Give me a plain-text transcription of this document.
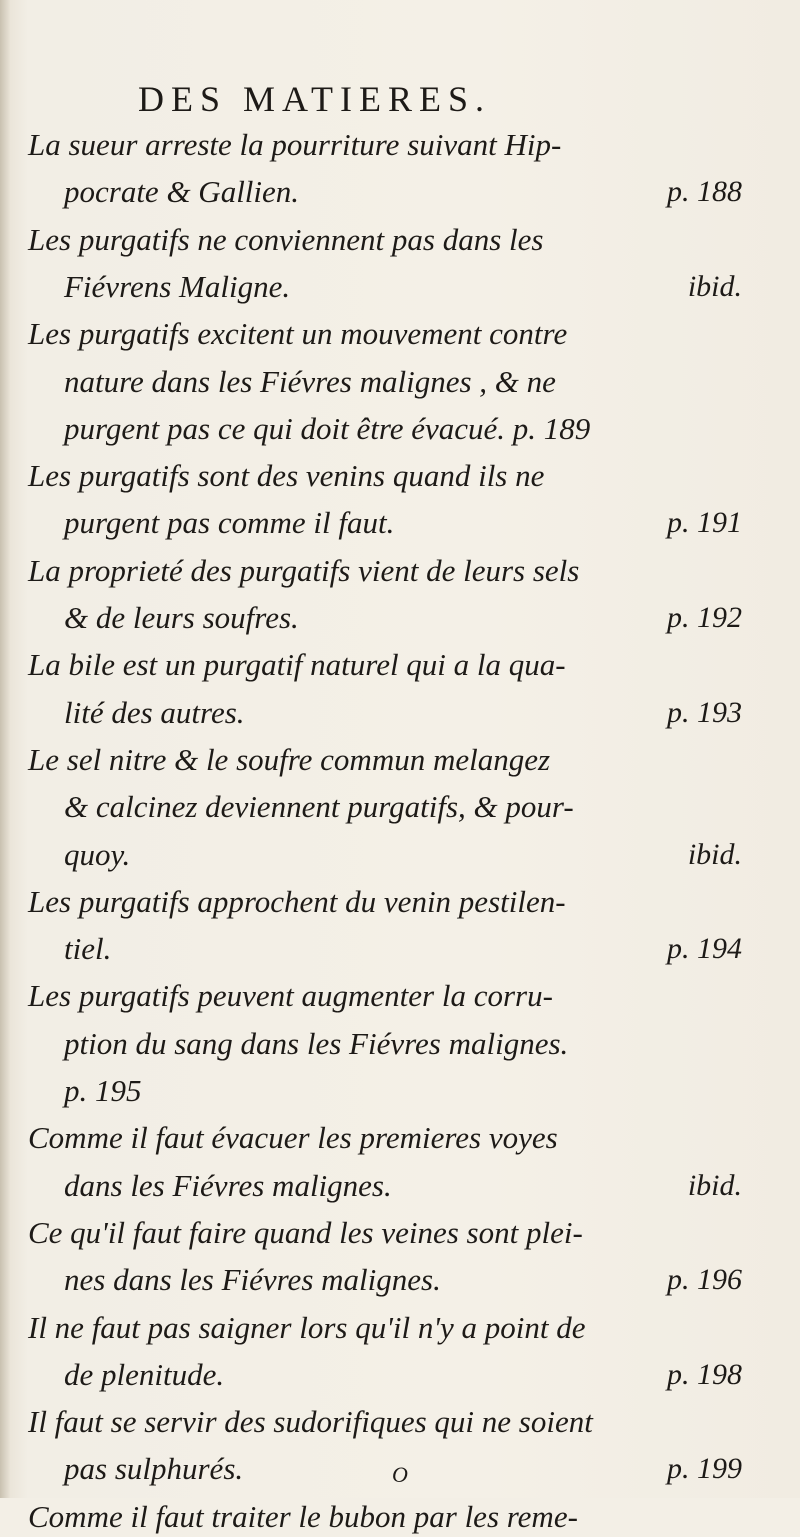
DES MATIERES.
La sueur arreste la pourriture suivant Hip-
pocrate & Gallien.	p. 188
Les purgatifs ne conviennent pas dans les
Fiévrens Maligne.	ibid.
Les purgatifs excitent un mouvement contre
nature dans les Fiévres malignes , & ne
purgent pas ce qui doit être évacué. p. 189
Les purgatifs sont des venins quand ils ne
purgent pas comme il faut.	p. 191
La proprieté des purgatifs vient de leurs sels
& de leurs soufres.	p. 192
La bile est un purgatif naturel qui a la qua-
lité des autres.	p. 193
Le sel nitre & le soufre commun melangez
& calcinez deviennent purgatifs, & pour-
quoy.	ibid.
Les purgatifs approchent du venin pestilen-
tiel.	p. 194
Les purgatifs peuvent augmenter la corru-
ption du sang dans les Fiévres malignes.
p. 195
Comme il faut évacuer les premieres voyes
dans les Fiévres malignes.	ibid.
Ce qu'il faut faire quand les veines sont plei-
nes dans les Fiévres malignes.	p. 196
Il ne faut pas saigner lors qu'il n'y a point de
de plenitude.	p. 198
Il faut se servir des sudorifiques qui ne soient
pas sulphurés.	p. 199
Comme il faut traiter le bubon par les reme-
O
